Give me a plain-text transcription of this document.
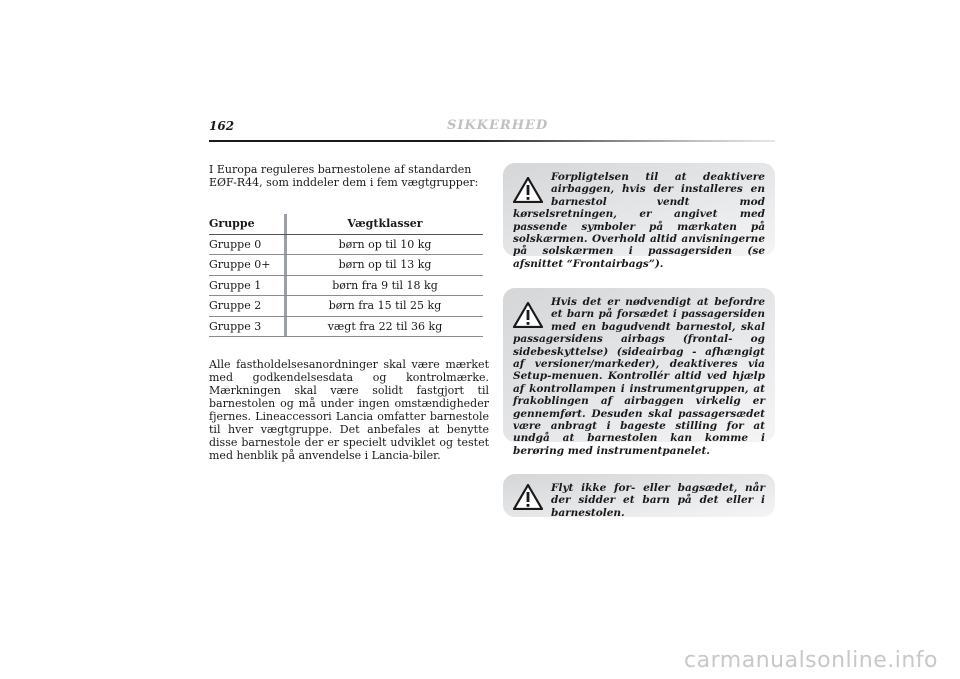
162	SIKKERHED

I Europa reguleres barnestolene af standarden EØF-R44, som inddeler dem i fem vægtgrupper:

Gruppe	Vægtklasser
Gruppe 0	børn op til 10 kg
Gruppe 0+	børn op til 13 kg
Gruppe 1	børn fra 9 til 18 kg
Gruppe 2	børn fra 15 til 25 kg
Gruppe 3	vægt fra 22 til 36 kg

Alle fastholdelsesanordninger skal være mærket med godkendelsesdata og kontrolmærke. Mærkningen skal være solidt fastgjort til barnestolen og må under ingen omstændigheder fjernes. Lineaccessori Lancia omfatter barnestole til hver vægtgruppe. Det anbefales at benytte disse barnestole der er specielt udviklet og testet med henblik på anvendelse i Lancia-biler.

Forpligtelsen til at deaktivere airbaggen, hvis der installeres en barnestol vendt mod kørselsretningen, er angivet med passende symboler på mærkaten på solskærmen. Overhold altid anvisningerne på solskærmen i passagersiden (se afsnittet “Frontairbags”).

Hvis det er nødvendigt at befordre et barn på forsædet i passagersiden med en bagudvendt barnestol, skal passagersidens airbags (frontal- og sidebeskyttelse) (sideairbag - afhængigt af versioner/markeder), deaktiveres via Setup-menuen. Kontrollér altid ved hjælp af kontrollampen i instrumentgruppen, at frakoblingen af airbaggen virkelig er gennemført. Desuden skal passagersædet være anbragt i bageste stilling for at undgå at barnestolen kan komme i berøring med instrumentpanelet.

Flyt ikke for- eller bagsædet, når der sidder et barn på det eller i barnestolen.

carmanualsonline.info
